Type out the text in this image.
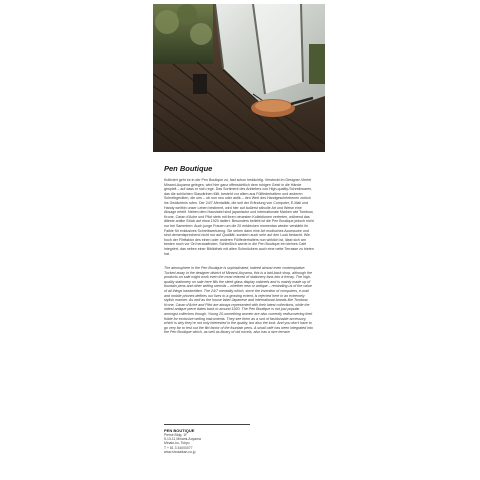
Pen Boutique

Kultiviert geht es in der Pen Boutique zu, fast schon bedächtig. Versteckt im Designer-Viertel Minami-Aoyama gelegen, wird hier ganz offensichtlich dem ruhigen Geist in die Hände gespielt – auf dass er sich rege. Das Sortiment des Anbieters von High-quality-Schreibwaren, das die schlichten Glasvitrinen füllt, besteht vor allem aus Füllfederhaltern und anderen Schreibgeräten, die uns – ob nun neu oder antik – den Wert des Handgeschriebenen zurück ins Gedächtnis rufen. Der 24/7-Mentalität, die seit der Erfindung von Computer, E-Mail und Handy weithin unser Leben bestimmt, wird hier auf äußerst stilvolle Art und Weise eine Absage erteilt. Neben dem Hauslabel sind japanische und internationale Marken wie Tombow, Krone, Caran d'Ache und Pilot stets mit ihren neuesten Kollektionen vertreten, während das älteste antike Stück auf etwa 1920 datiert. Besonders beliebt ist die Pen Boutique jedoch nicht nur bei Sammlern: Auch junge Frauen um die 20 entdecken momentan wieder verstärkt ihr Faible für exklusives Schreibwerkzeug. Sie sehen dann eine Art modisches Accessoire und sind dementsprechend nicht nur auf Qualität, sondern auch sehr auf den Look bedacht. Wie hoch der Flirtfaktor des einen oder anderen Füllfederhalters nun wirklich ist, lässt sich am besten noch vor Ort herausfinden. Schließlich wurde in die Pen Boutique ein kleines Café integriert, das neben einer Bibliothek mit alten Schmöckern auch eine nette Terrasse zu bieten hat.

The atmosphere in the Pen Boutique is sophisticated, indeed almost even contemplative. Tucked away in the designer district of Minami-Aoyama, this is a laid-back shop, although the products on sale might work even the most relaxed of stationery fans into a frenzy. The high-quality stationery on sale here fills the sleek glass display cabinets and is mainly made up of fountain pens and other writing utensils – whether new or antique – reminding us of the value of all things handwritten. The 24/7 mentality which, since the invention of computers, e-mail and mobile phones defines our lives to a growing extent, is rejected here in an extremely stylish manner. As well as the house label Japanese and international brands like Tombow, Krone, Caran d'Ache and Pilot are always represented with their latest collections, while the oldest antique piece dates back to around 1920. The Pen Boutique is not just popular amongst collectors though. Young 20-something women are also currently rediscovering their foible for exclusive writing instruments. They see them as a sort of fashionable accessory, which is why they're not only interested in the quality, but also the look. And you don't have to go very far to test out the flirt factor of the fountain pens. A small café has been integrated into the Pen Boutique which, as well as library of old novels, also has a nice terrace.

PEN BOUTIQUE
Pierse Bldg. 1F
5-13-11 Minami-Aoyama
Minato-ku, Tokyo
T + 81 3 34000077
www.shosaikan.co.jp
